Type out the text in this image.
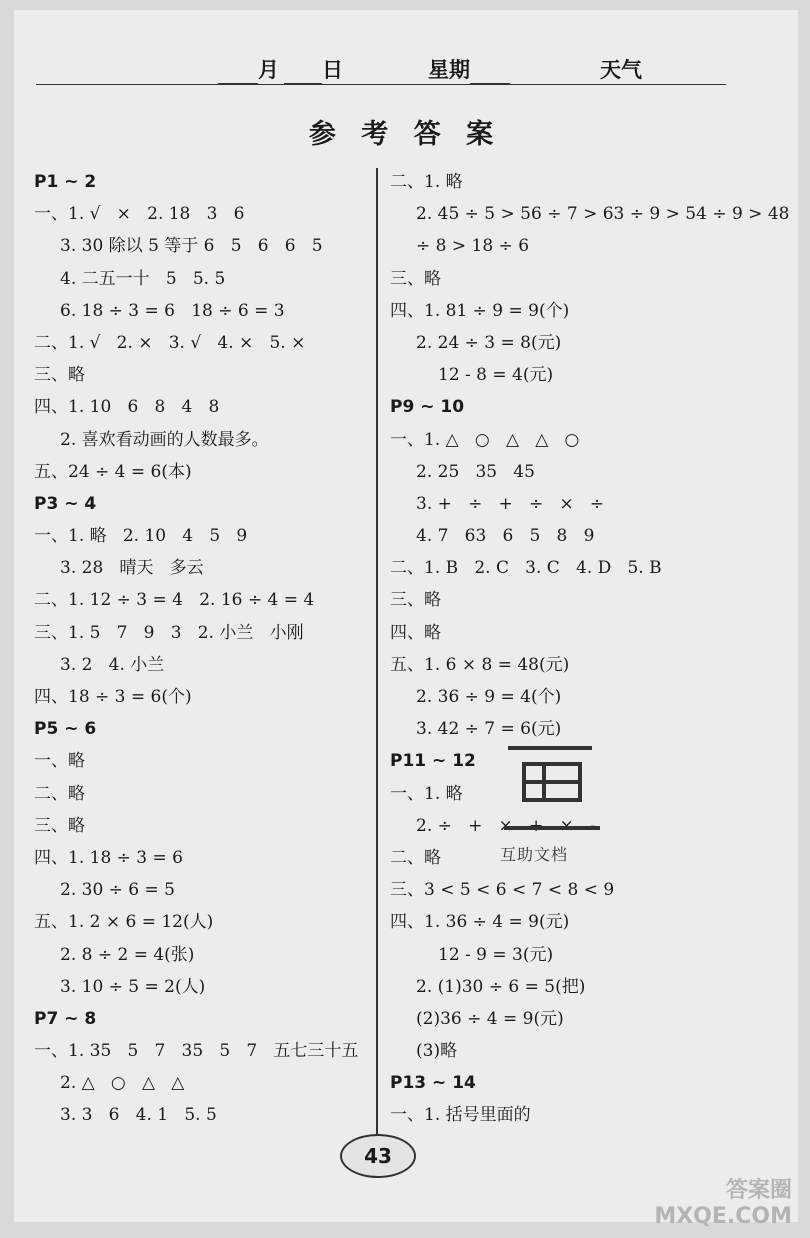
月	日	星期	天气
参 考 答 案
P1 ~ 2
一、1. √   ×   2. 18   3   6
3. 30 除以 5 等于 6   5   6   6   5
4. 二五一十   5   5. 5
6. 18 ÷ 3 = 6   18 ÷ 6 = 3
二、1. √   2. ×   3. √   4. ×   5. ×
三、略
四、1. 10   6   8   4   8
2. 喜欢看动画的人数最多。
五、24 ÷ 4 = 6(本)
P3 ~ 4
一、1. 略   2. 10   4   5   9
3. 28   晴天   多云
二、1. 12 ÷ 3 = 4   2. 16 ÷ 4 = 4
三、1. 5   7   9   3   2. 小兰   小刚
3. 2   4. 小兰
四、18 ÷ 3 = 6(个)
P5 ~ 6
一、略
二、略
三、略
四、1. 18 ÷ 3 = 6
2. 30 ÷ 6 = 5
五、1. 2 × 6 = 12(人)
2. 8 ÷ 2 = 4(张)
3. 10 ÷ 5 = 2(人)
P7 ~ 8
一、1. 35   5   7   35   5   7   五七三十五
2. △   ○   △   △
3. 3   6   4. 1   5. 5
二、1. 略
2. 45 ÷ 5 > 56 ÷ 7 > 63 ÷ 9 > 54 ÷ 9 > 48
÷ 8 > 18 ÷ 6
三、略
四、1. 81 ÷ 9 = 9(个)
2. 24 ÷ 3 = 8(元)
12 - 8 = 4(元)
P9 ~ 10
一、1. △   ○   △   △   ○
2. 25   35   45
3. +   ÷   +   ÷   ×   ÷
4. 7   63   6   5   8   9
二、1. B   2. C   3. C   4. D   5. B
三、略
四、略
五、1. 6 × 8 = 48(元)
2. 36 ÷ 9 = 4(个)
3. 42 ÷ 7 = 6(元)
P11 ~ 12
一、1. 略
2. ÷   +   ×   +   ×   -
二、略
三、3 < 5 < 6 < 7 < 8 < 9
四、1. 36 ÷ 4 = 9(元)
12 - 9 = 3(元)
2. (1)30 ÷ 6 = 5(把)
(2)36 ÷ 4 = 9(元)
(3)略
P13 ~ 14
一、1. 括号里面的
互助文档
43
答案圈
MXQE.COM
